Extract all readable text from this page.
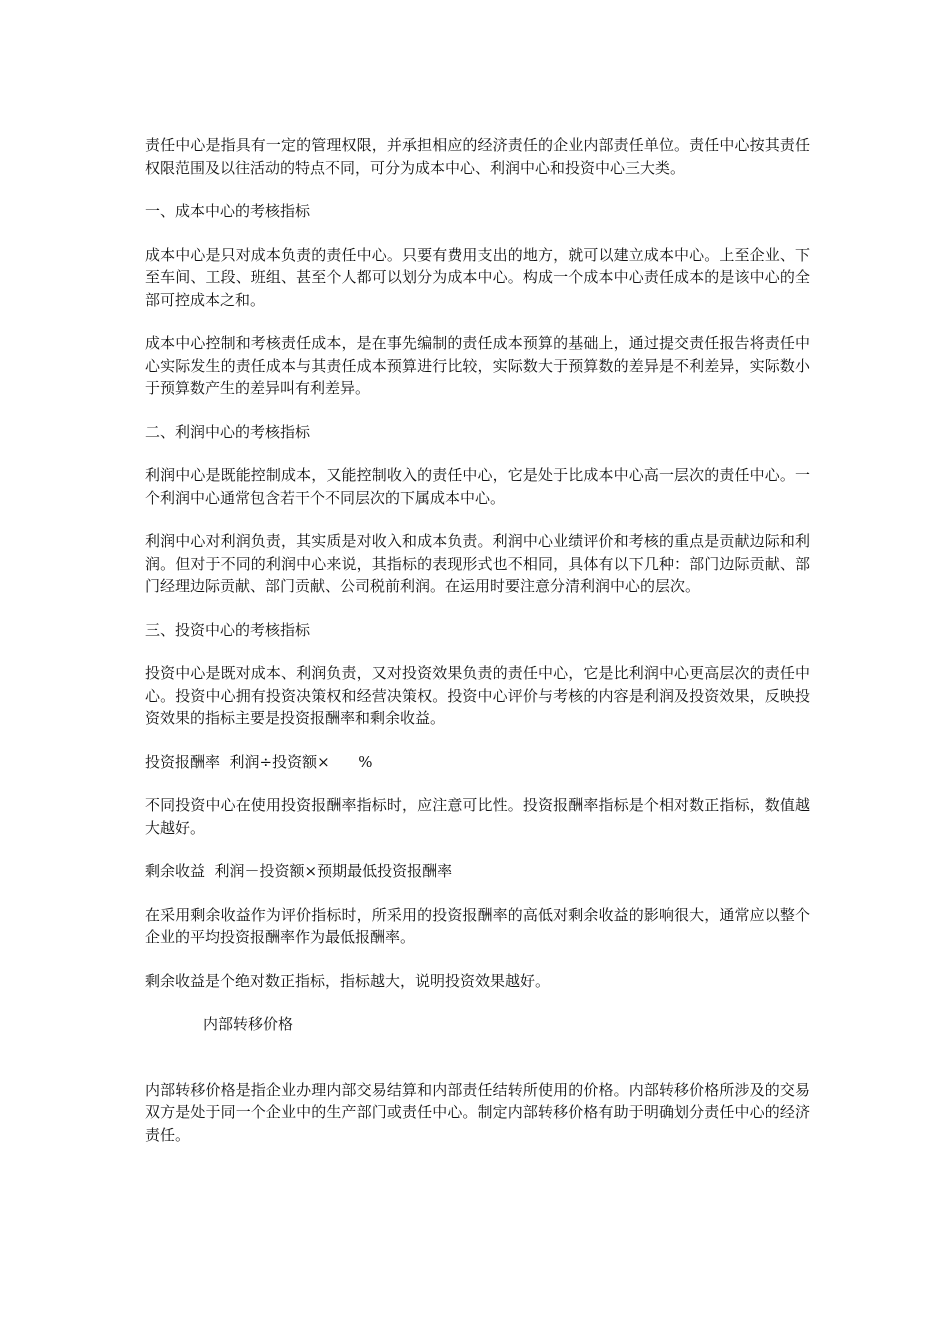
责任中心是指具有一定的管理权限，并承担相应的经济责任的企业内部责任单位。责任中心按其责任权限范围及以往活动的特点不同，可分为成本中心、利润中心和投资中心三大类。

一、成本中心的考核指标

成本中心是只对成本负责的责任中心。只要有费用支出的地方，就可以建立成本中心。上至企业、下至车间、工段、班组、甚至个人都可以划分为成本中心。构成一个成本中心责任成本的是该中心的全部可控成本之和。

成本中心控制和考核责任成本，是在事先编制的责任成本预算的基础上，通过提交责任报告将责任中心实际发生的责任成本与其责任成本预算进行比较，实际数大于预算数的差异是不利差异，实际数小于预算数产生的差异叫有利差异。

二、利润中心的考核指标

利润中心是既能控制成本，又能控制收入的责任中心，它是处于比成本中心高一层次的责任中心。一个利润中心通常包含若干个不同层次的下属成本中心。

利润中心对利润负责，其实质是对收入和成本负责。利润中心业绩评价和考核的重点是贡献边际和利润。但对于不同的利润中心来说，其指标的表现形式也不相同，具体有以下几种：部门边际贡献、部门经理边际贡献、部门贡献、公司税前利润。在运用时要注意分清利润中心的层次。

三、投资中心的考核指标

投资中心是既对成本、利润负责，又对投资效果负责的责任中心，它是比利润中心更高层次的责任中心。投资中心拥有投资决策权和经营决策权。投资中心评价与考核的内容是利润及投资效果，反映投资效果的指标主要是投资报酬率和剩余收益。

投资报酬率  利润÷投资额×      %

不同投资中心在使用投资报酬率指标时，应注意可比性。投资报酬率指标是个相对数正指标，数值越大越好。

剩余收益  利润－投资额×预期最低投资报酬率

在采用剩余收益作为评价指标时，所采用的投资报酬率的高低对剩余收益的影响很大，通常应以整个企业的平均投资报酬率作为最低报酬率。

剩余收益是个绝对数正指标，指标越大，说明投资效果越好。

内部转移价格

内部转移价格是指企业办理内部交易结算和内部责任结转所使用的价格。内部转移价格所涉及的交易双方是处于同一个企业中的生产部门或责任中心。制定内部转移价格有助于明确划分责任中心的经济责任。
